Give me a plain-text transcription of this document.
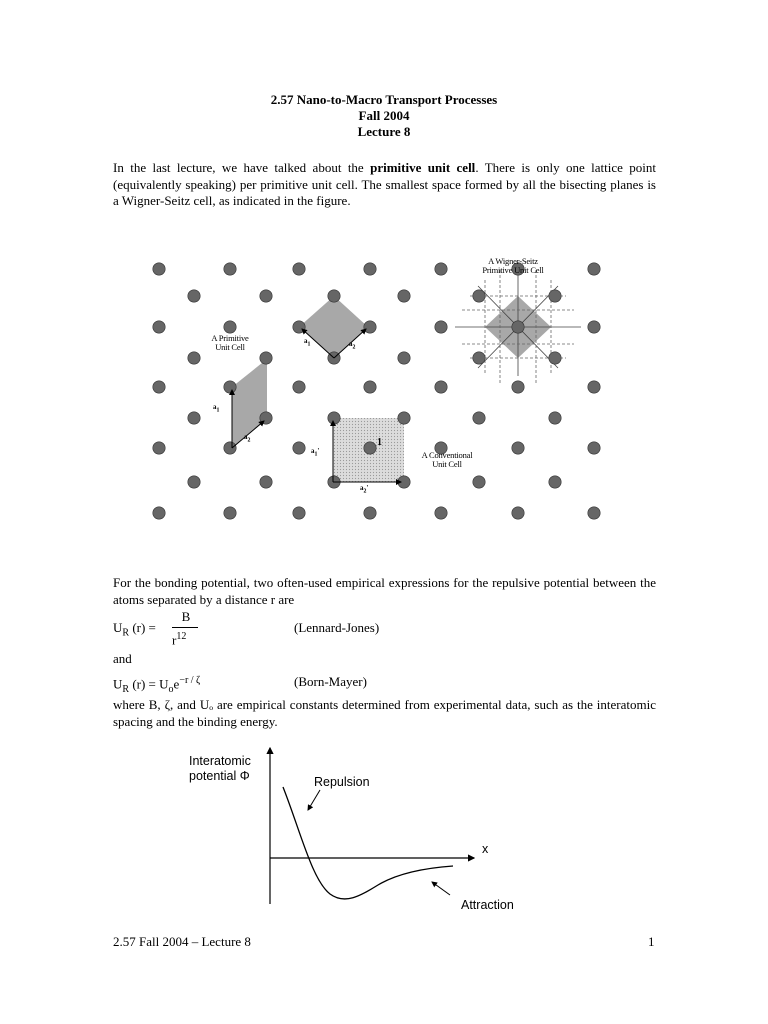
2.57 Nano-to-Macro Transport Processes
Fall 2004
Lecture 8
In the last lecture, we have talked about the primitive unit cell. There is only one lattice point (equivalently speaking) per primitive unit cell. The smallest space formed by all the bisecting planes is a Wigner-Seitz cell, as indicated in the figure.
A Wigner-Seitz
Primitive Unit Cell
A Primitive
Unit Cell
A Conventional
Unit Cell
$a_1$
$a_2$
$a_1$	$a_2$
$a_1'$
$a_2'$
1
For the bonding potential, two often-used empirical expressions for the repulsive potential between the atoms separated by a distance r are
$U_R$ (r) =
B
$r^{12}$
(Lennard-Jones)
and
$U_R$ $(r) = U_oe^{-r / \zeta}$	(Born-Mayer)
where B, ζ, and Uₒ are empirical constants determined from experimental data, such as the interatomic spacing and the binding energy.
Interatomic
potential Φ	Repulsion
x
Attraction
2.57 Fall 2004 – Lecture 8	1
